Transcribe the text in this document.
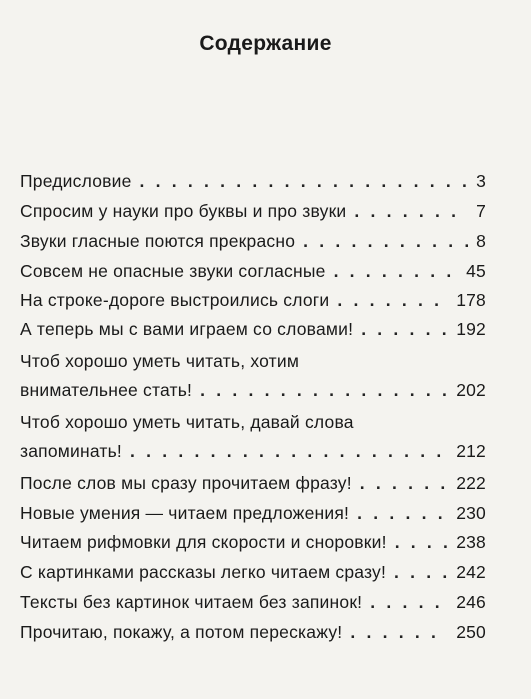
Содержание
Предисловие . . .	3
Спросим у науки про буквы и про звуки . . .	7
Звуки гласные поются прекрасно . . .	8
Совсем не опасные звуки согласные . . .	45
На строке-дороге выстроились слоги . . .	178
А теперь мы с вами играем со словами! . . .	192
Чтоб хорошо уметь читать, хотим
внимательнее стать! . . .	202
Чтоб хорошо уметь читать, давай слова
запоминать! . . .	212
После слов мы сразу прочитаем фразу! . . .	222
Новые умения — читаем предложения! . . .	230
Читаем рифмовки для скорости и сноровки! . . .	238
С картинками рассказы легко читаем сразу! . . .	242
Тексты без картинок читаем без запинок! . . .	246
Прочитаю, покажу, а потом перескажу! . . .	250
